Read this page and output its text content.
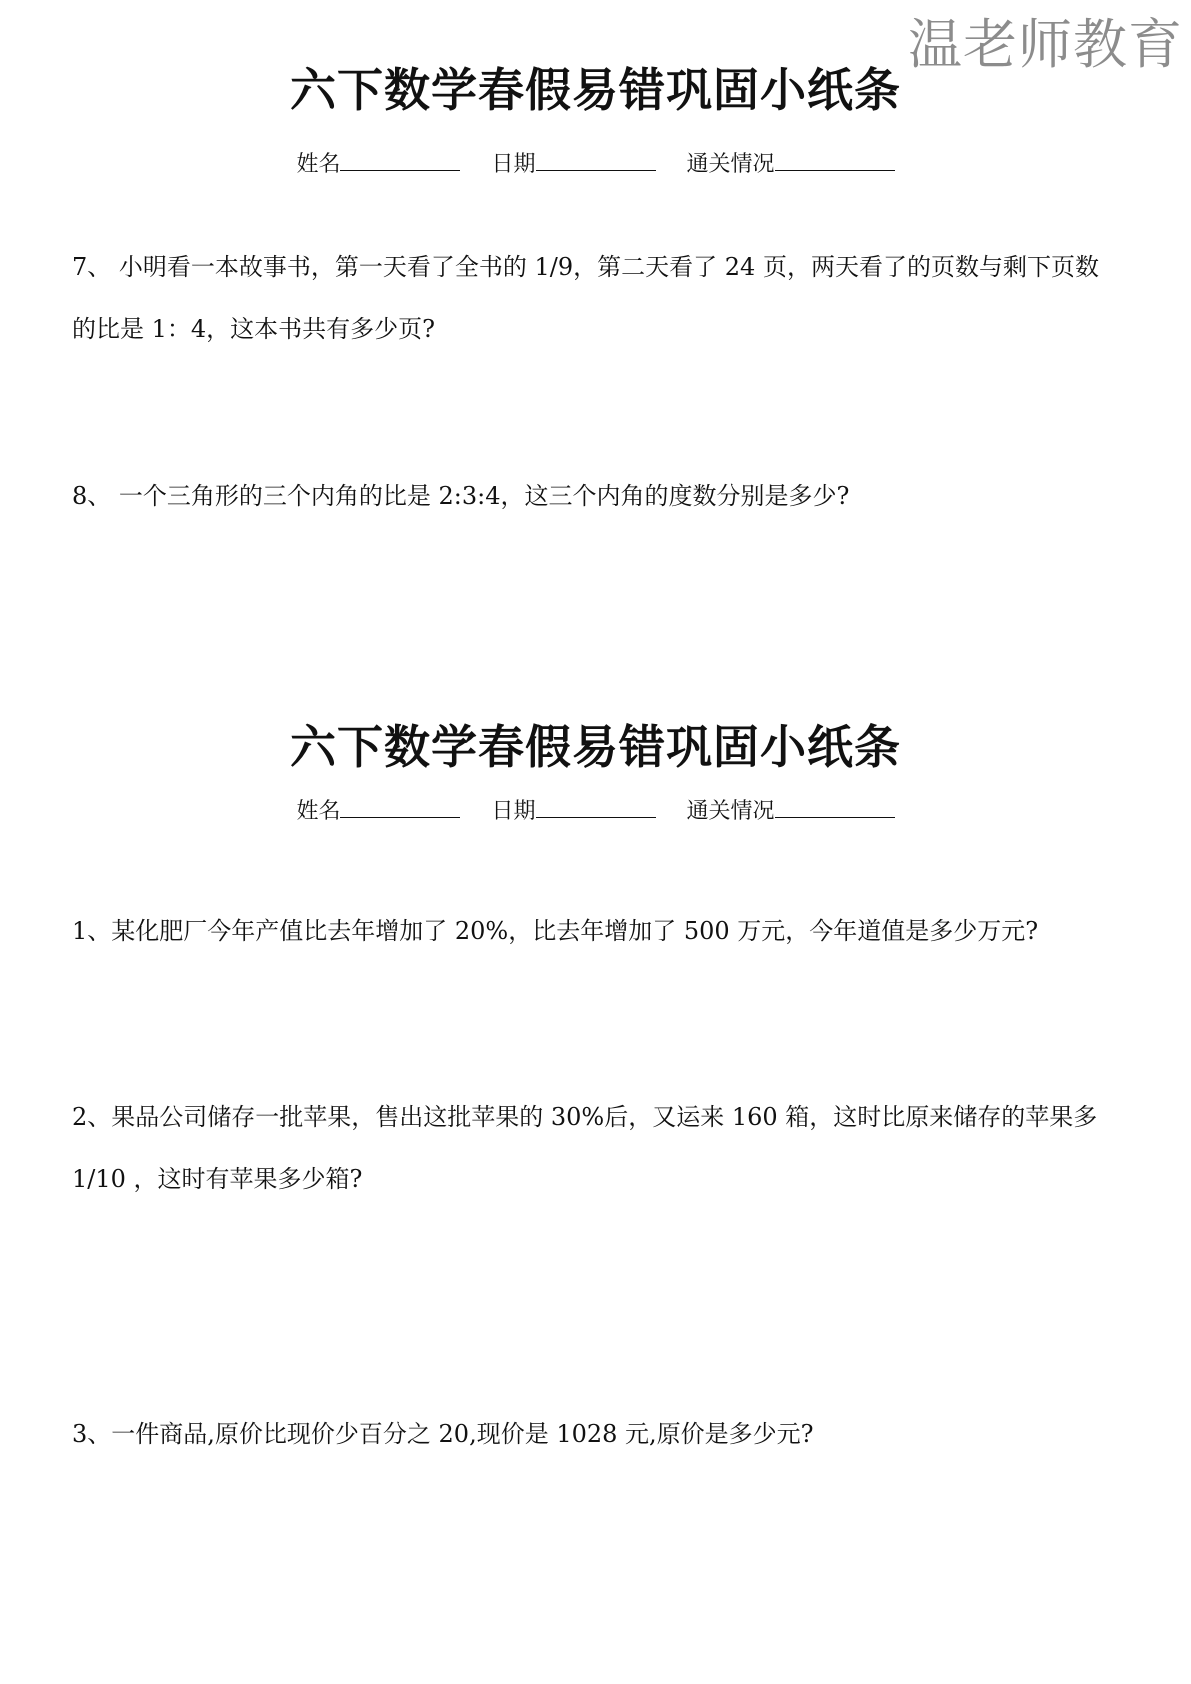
温老师教育
六下数学春假易错巩固小纸条
姓名	日期	通关情况

7、 小明看一本故事书，第一天看了全书的 1/9，第二天看了 24 页，两天看了的页数与剩下页数的比是 1：4，这本书共有多少页?

8、 一个三角形的三个内角的比是 2:3:4，这三个内角的度数分别是多少?

六下数学春假易错巩固小纸条
姓名	日期	通关情况

1、某化肥厂今年产值比去年增加了 20%，比去年增加了 500 万元，今年道值是多少万元?

2、果品公司储存一批苹果，售出这批苹果的 30%后，又运来 160 箱，这时比原来储存的苹果多 1/10 ，这时有苹果多少箱?

3、一件商品,原价比现价少百分之 20,现价是 1028 元,原价是多少元?
